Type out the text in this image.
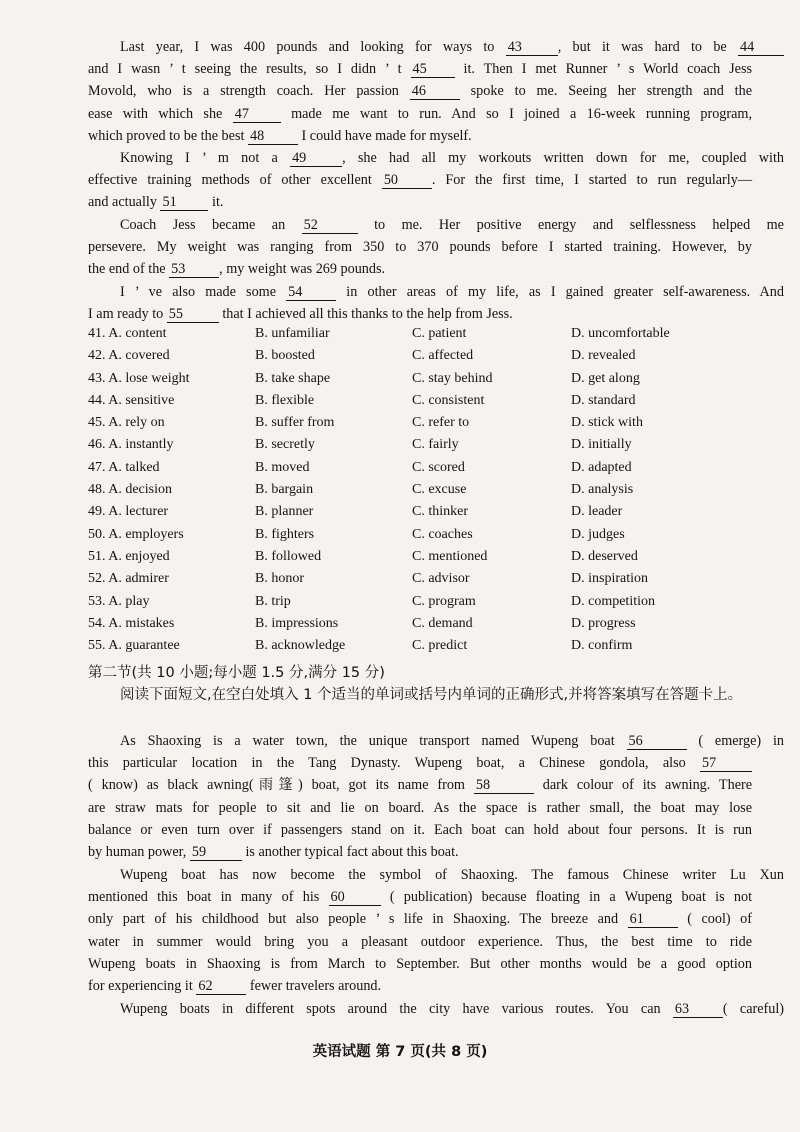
Last year, I was 400 pounds and looking for ways to 43	, but it was hard to be 44
and I wasn ’ t seeing the results, so I didn ’ t 45	it. Then I met Runner ’ s World coach Jess
Movold, who is a strength coach. Her passion 46	spoke to me. Seeing her strength and the
ease with which she 47	made me want to run. And so I joined a 16-week running program,
which proved to be the best 48	I could have made for myself.
Knowing I ’ m not a 49	, she had all my workouts written down for me, coupled with
effective training methods of other excellent 50 . For the first time, I started to run regularly—
and actually 51 it.
Coach Jess became an 52	to me. Her positive energy and selflessness helped me
persevere. My weight was ranging from 350 to 370 pounds before I started training. However, by
the end of the 53 , my weight was 269 pounds.
I ’ ve also made some 54	in other areas of my life, as I gained greater self-awareness. And
I am ready to 55	that I achieved all this thanks to the help from Jess.
41. A. content	B. unfamiliar	C. patient	D. uncomfortable
42. A. covered	B. boosted	C. affected	D. revealed
43. A. lose weight	B. take shape	C. stay behind	D. get along
44. A. sensitive	B. flexible	C. consistent	D. standard
45. A. rely on	B. suffer from	C. refer to	D. stick with
46. A. instantly	B. secretly	C. fairly	D. initially
47. A. talked	B. moved	C. scored	D. adapted
48. A. decision	B. bargain	C. excuse	D. analysis
49. A. lecturer	B. planner	C. thinker	D. leader
50. A. employers	B. fighters	C. coaches	D. judges
51. A. enjoyed	B. followed	C. mentioned	D. deserved
52. A. admirer	B. honor	C. advisor	D. inspiration
53. A. play	B. trip	C. program	D. competition
54. A. mistakes	B. impressions	C. demand	D. progress
55. A. guarantee	B. acknowledge	C. predict	D. confirm
第二节(共 10 小题;每小题 1.5 分,满分 15 分)
阅读下面短文,在空白处填入 1 个适当的单词或括号内单词的正确形式,并将答案填写在答题卡上。
As Shaoxing is a water town, the unique transport named Wupeng boat 56	( emerge) in
this particular location in the Tang Dynasty. Wupeng boat, a Chinese gondola, also 57
( know) as black awning(雨篷) boat, got its name from 58	dark colour of its awning. There
are straw mats for people to sit and lie on board. As the space is rather small, the boat may lose
balance or even turn over if passengers stand on it. Each boat can hold about four persons. It is run
by human power, 59	is another typical fact about this boat.
Wupeng boat has now become the symbol of Shaoxing. The famous Chinese writer Lu Xun
mentioned this boat in many of his 60	( publication) because floating in a Wupeng boat is not
only part of his childhood but also people ’ s life in Shaoxing. The breeze and 61	( cool) of
water in summer would bring you a pleasant outdoor experience. Thus, the best time to ride
Wupeng boats in Shaoxing is from March to September. But other months would be a good option
for experiencing it 62	fewer travelers around.
Wupeng boats in different spots around the city have various routes. You can 63 ( careful)
英语试题 第 7 页(共 8 页)
